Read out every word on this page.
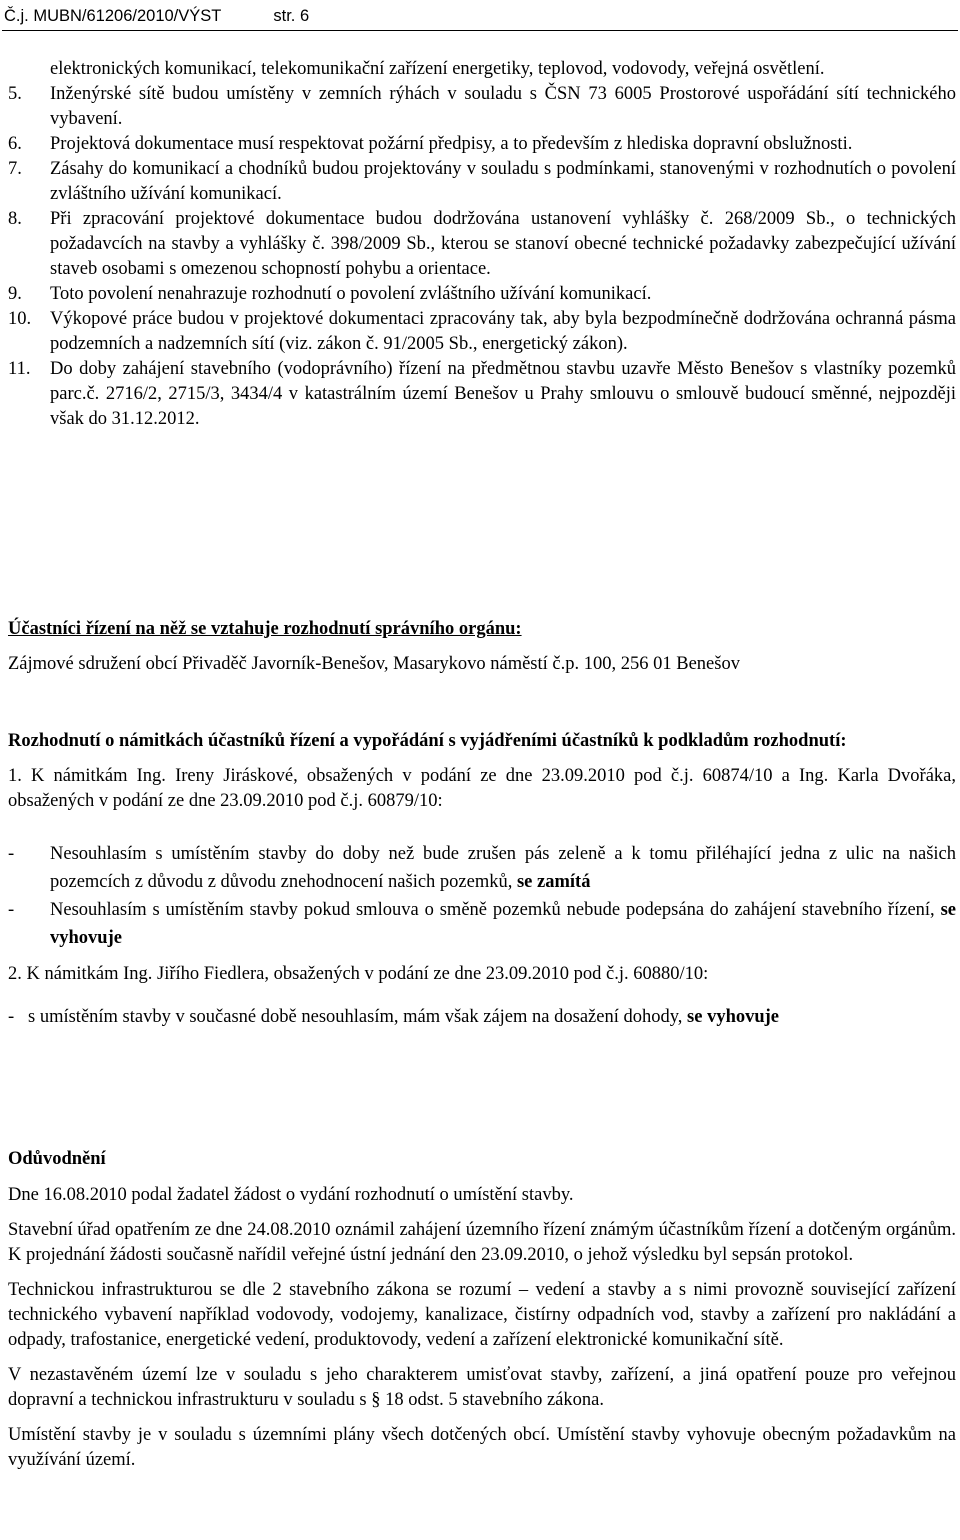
Č.j. MUBN/61206/2010/VÝST	str. 6

elektronických komunikací, telekomunikační zařízení energetiky, teplovod, vodovody, veřejná osvětlení.

5. Inženýrské sítě budou umístěny v zemních rýhách v souladu s ČSN 73 6005 Prostorové uspořádání sítí technického vybavení.
6. Projektová dokumentace musí respektovat požární předpisy, a to především z hlediska dopravní obslužnosti.
7. Zásahy do komunikací a chodníků budou projektovány v souladu s podmínkami, stanovenými v rozhodnutích o povolení zvláštního užívání komunikací.
8. Při zpracování projektové dokumentace budou dodržována ustanovení vyhlášky č. 268/2009 Sb., o technických požadavcích na stavby a vyhlášky č. 398/2009 Sb., kterou se stanoví obecné technické požadavky zabezpečující užívání staveb osobami s omezenou schopností pohybu a orientace.
9. Toto povolení nenahrazuje rozhodnutí o povolení zvláštního užívání komunikací.
10. Výkopové práce budou v projektové dokumentaci zpracovány tak, aby byla bezpodmínečně dodržována ochranná pásma podzemních a nadzemních sítí (viz. zákon č. 91/2005 Sb., energetický zákon).
11. Do doby zahájení stavebního (vodoprávního) řízení na předmětnou stavbu uzavře Město Benešov s vlastníky pozemků parc.č. 2716/2, 2715/3, 3434/4 v katastrálním území Benešov u Prahy smlouvu o smlouvě budoucí směnné, nejpozději však do 31.12.2012.

Účastníci řízení na něž se vztahuje rozhodnutí správního orgánu:

Zájmové sdružení obcí Přivaděč Javorník-Benešov, Masarykovo náměstí č.p. 100, 256 01 Benešov

Rozhodnutí o námitkách účastníků řízení a vypořádání s vyjádřeními účastníků k podkladům rozhodnutí:

1. K námitkám Ing. Ireny Jiráskové, obsažených v podání ze dne 23.09.2010 pod č.j. 60874/10 a Ing. Karla Dvořáka, obsažených v podání ze dne 23.09.2010 pod č.j. 60879/10:

- Nesouhlasím s umístěním stavby do doby než bude zrušen pás zeleně a k tomu přiléhající jedna z ulic na našich pozemcích z důvodu z důvodu znehodnocení našich pozemků, se zamítá
- Nesouhlasím s umístěním stavby pokud smlouva o směně pozemků nebude podepsána do zahájení stavebního řízení, se vyhovuje

2. K námitkám Ing. Jiřího Fiedlera, obsažených v podání ze dne 23.09.2010 pod č.j. 60880/10:

- s umístěním stavby v současné době nesouhlasím, mám však zájem na dosažení dohody, se vyhovuje

Odůvodnění

Dne 16.08.2010 podal žadatel žádost o vydání rozhodnutí o umístění stavby.

Stavební úřad opatřením ze dne 24.08.2010 oznámil zahájení územního řízení známým účastníkům řízení a dotčeným orgánům. K projednání žádosti současně nařídil veřejné ústní jednání den 23.09.2010, o jehož výsledku byl sepsán protokol.

Technickou infrastrukturou se dle 2 stavebního zákona se rozumí – vedení a stavby a s nimi provozně související zařízení technického vybavení například vodovody, vodojemy, kanalizace, čistírny odpadních vod, stavby a zařízení pro nakládání a odpady, trafostanice, energetické vedení, produktovody, vedení a zařízení elektronické komunikační sítě.

V nezastavěném území lze v souladu s jeho charakterem umisťovat stavby, zařízení, a jiná opatření pouze pro veřejnou dopravní a technickou infrastrukturu v souladu s § 18 odst. 5 stavebního zákona.

Umístění stavby je v souladu s územními plány všech dotčených obcí. Umístění stavby vyhovuje obecným požadavkům na využívání území.
